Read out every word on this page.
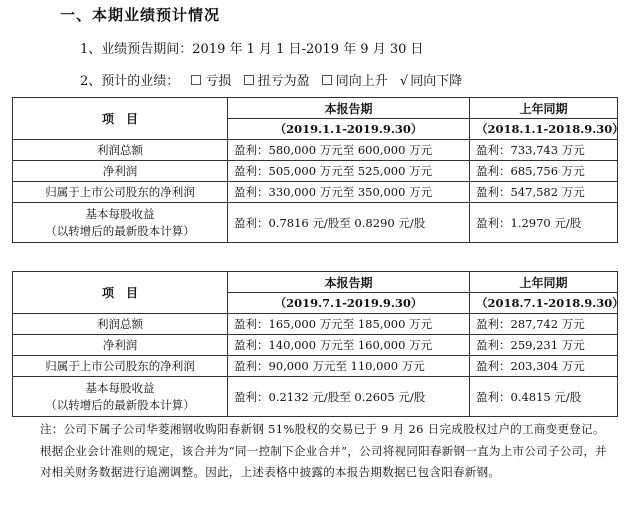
一、本期业绩预计情况
1、业绩预告期间：2019 年 1 月 1 日-2019 年 9 月 30 日
2、预计的业绩： 亏损 扭亏为盈 同向上升 √ 同向下降
项　目	本报告期	上年同期
	（2019.1.1-2019.9.30）	（2018.1.1-2018.9.30）
利润总额	盈利：580,000 万元至 600,000 万元	盈利：733,743 万元
净利润	盈利：505,000 万元至 525,000 万元	盈利：685,756 万元
归属于上市公司股东的净利润	盈利：330,000 万元至 350,000 万元	盈利：547,582 万元

基本每股收益
（以转增后的最新股本计算）	盈利：0.7816 元/股至 0.8290 元/股	盈利：1.2970 元/股
项　目	本报告期	上年同期
	（2019.7.1-2019.9.30）	（2018.7.1-2018.9.30）
利润总额	盈利：165,000 万元至 185,000 万元	盈利：287,742 万元
净利润	盈利：140,000 万元至 160,000 万元	盈利：259,231 万元
归属于上市公司股东的净利润	盈利：90,000 万元至 110,000 万元	盈利：203,304 万元

基本每股收益
（以转增后的最新股本计算）	盈利：0.2132 元/股至 0.2605 元/股	盈利：0.4815 元/股
注：公司下属子公司华菱湘钢收购阳春新钢 51%股权的交易已于 9 月 26 日完成股权过户的工商变更登记。根据企业会计准则的规定，该合并为“同一控制下企业合并”，公司将视同阳春新钢一直为上市公司子公司，并对相关财务数据进行追溯调整。因此，上述表格中披露的本报告期数据已包含阳春新钢。
